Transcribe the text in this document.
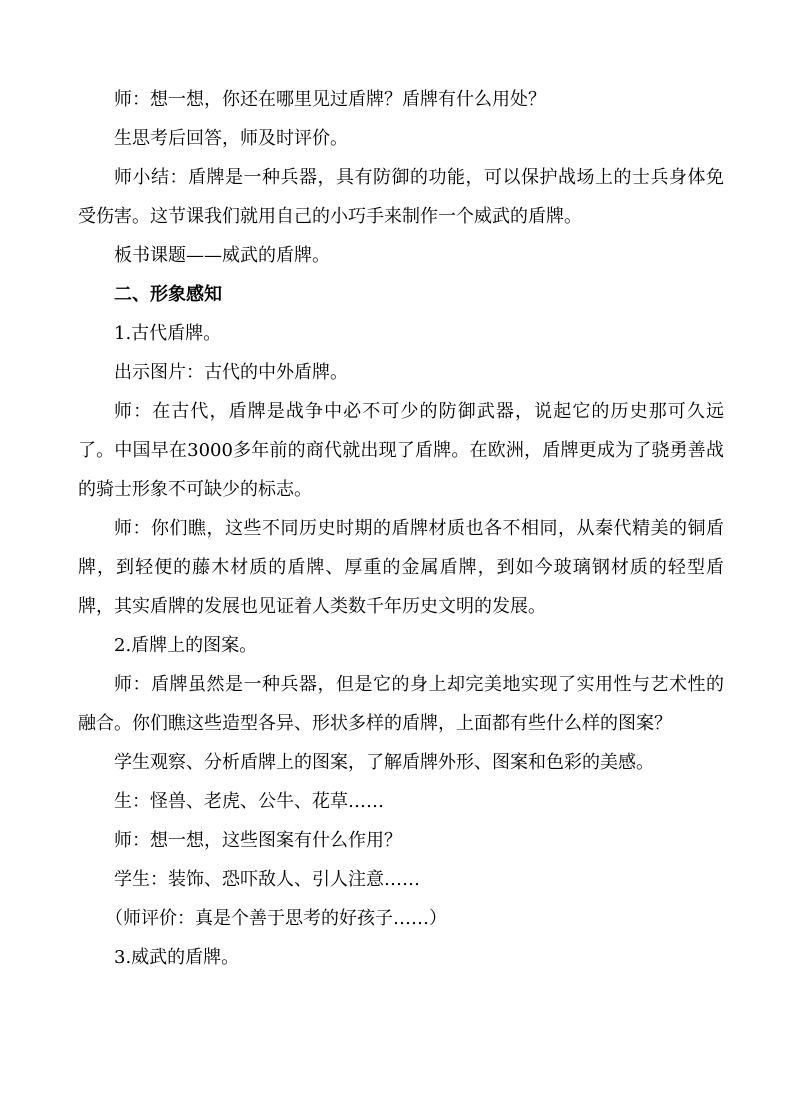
师：想一想，你还在哪里见过盾牌？盾牌有什么用处？

生思考后回答，师及时评价。

师小结：盾牌是一种兵器，具有防御的功能，可以保护战场上的士兵身体免受伤害。这节课我们就用自己的小巧手来制作一个威武的盾牌。

板书课题——威武的盾牌。

二、形象感知

1.古代盾牌。

出示图片：古代的中外盾牌。

师：在古代，盾牌是战争中必不可少的防御武器，说起它的历史那可久远了。中国早在3000多年前的商代就出现了盾牌。在欧洲，盾牌更成为了骁勇善战的骑士形象不可缺少的标志。

师：你们瞧，这些不同历史时期的盾牌材质也各不相同，从秦代精美的铜盾牌，到轻便的藤木材质的盾牌、厚重的金属盾牌，到如今玻璃钢材质的轻型盾牌，其实盾牌的发展也见证着人类数千年历史文明的发展。

2.盾牌上的图案。

师：盾牌虽然是一种兵器，但是它的身上却完美地实现了实用性与艺术性的融合。你们瞧这些造型各异、形状多样的盾牌，上面都有些什么样的图案？

学生观察、分析盾牌上的图案，了解盾牌外形、图案和色彩的美感。

生：怪兽、老虎、公牛、花草……

师：想一想，这些图案有什么作用？

学生：装饰、恐吓敌人、引人注意……

（师评价：真是个善于思考的好孩子……）

3.威武的盾牌。
